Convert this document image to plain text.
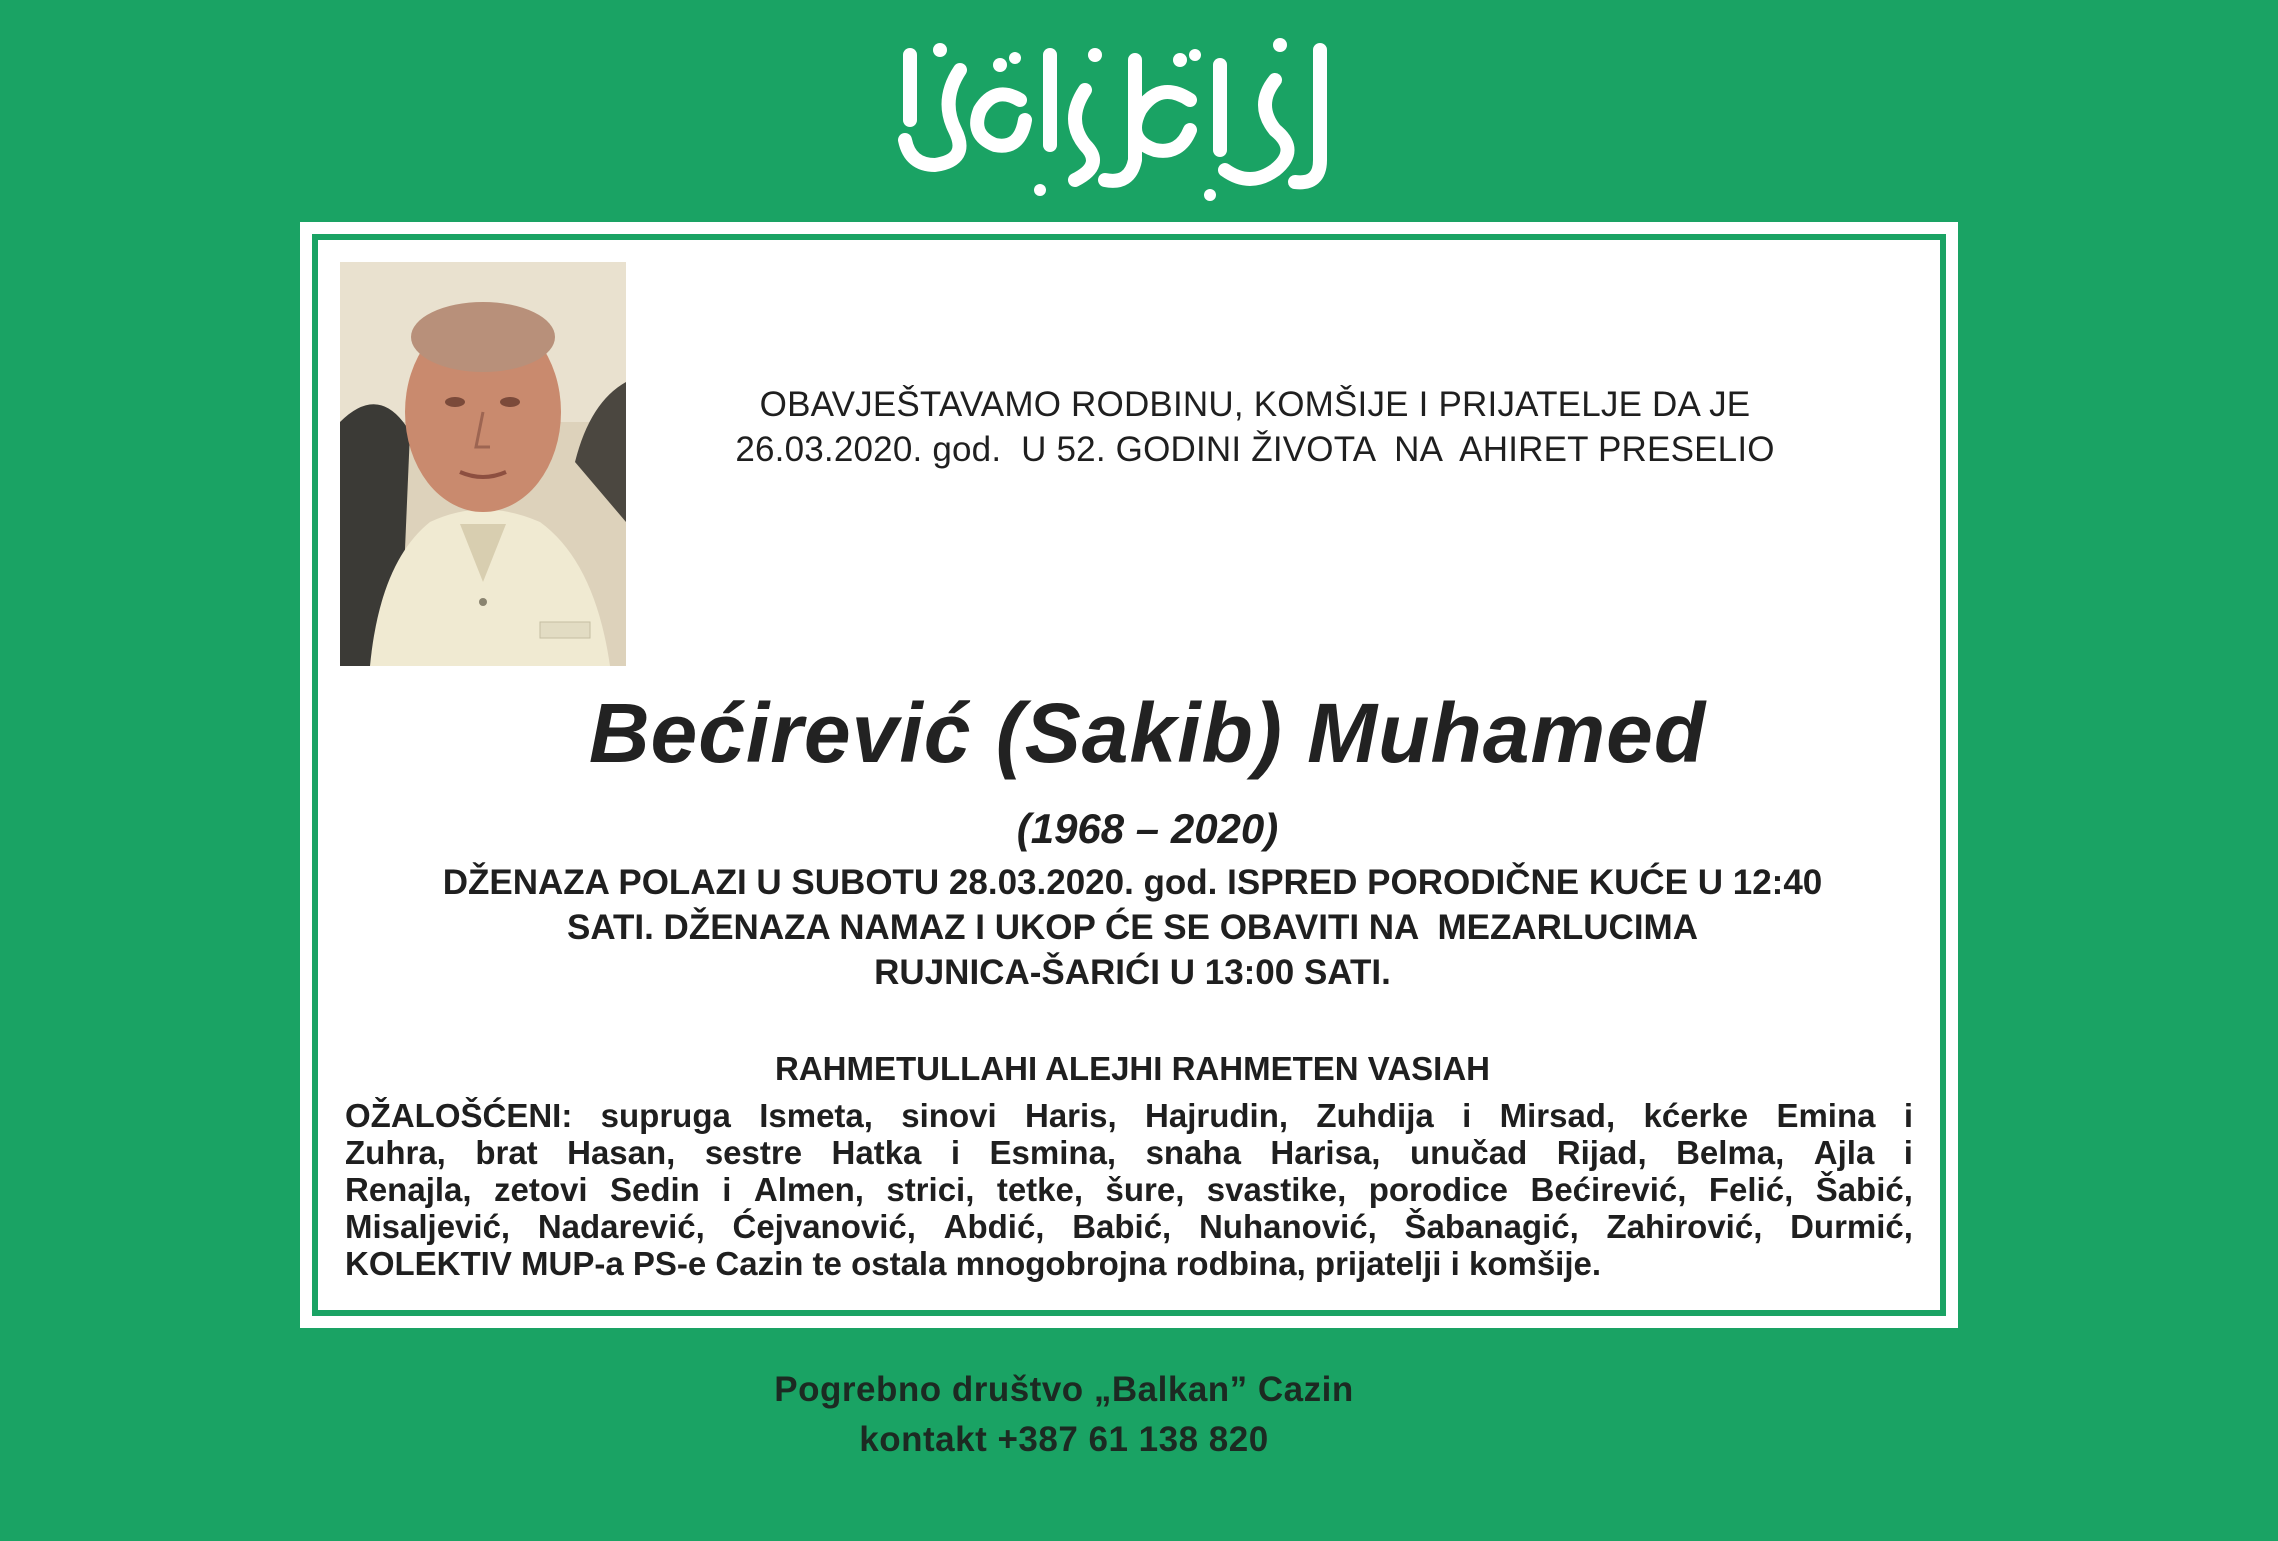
OBAVJEŠTAVAMO RODBINU, KOMŠIJE I PRIJATELJE DA JE
26.03.2020. god.  U 52. GODINI ŽIVOTA  NA  AHIRET PRESELIO
Bećirević (Sakib) Muhamed
(1968 – 2020)
DŽENAZA POLAZI U SUBOTU 28.03.2020. god. ISPRED PORODIČNE KUĆE U 12:40
SATI. DŽENAZA NAMAZ I UKOP ĆE SE OBAVITI NA  MEZARLUCIMA
RUJNICA-ŠARIĆI U 13:00 SATI.
RAHMETULLAHI ALEJHI RAHMETEN VASIAH
OŽALOŠĆENI: supruga Ismeta, sinovi Haris, Hajrudin, Zuhdija i Mirsad, kćerke Emina i
Zuhra, brat Hasan, sestre Hatka i Esmina, snaha Harisa, unučad Rijad, Belma, Ajla i
Renajla, zetovi Sedin i Almen, strici, tetke, šure, svastike, porodice Bećirević, Felić, Šabić,
Misaljević, Nadarević, Ćejvanović, Abdić, Babić, Nuhanović, Šabanagić, Zahirović, Durmić,
KOLEKTIV MUP-a PS-e Cazin te ostala mnogobrojna rodbina, prijatelji i komšije.
Pogrebno društvo „Balkan” Cazin
kontakt +387 61 138 820
